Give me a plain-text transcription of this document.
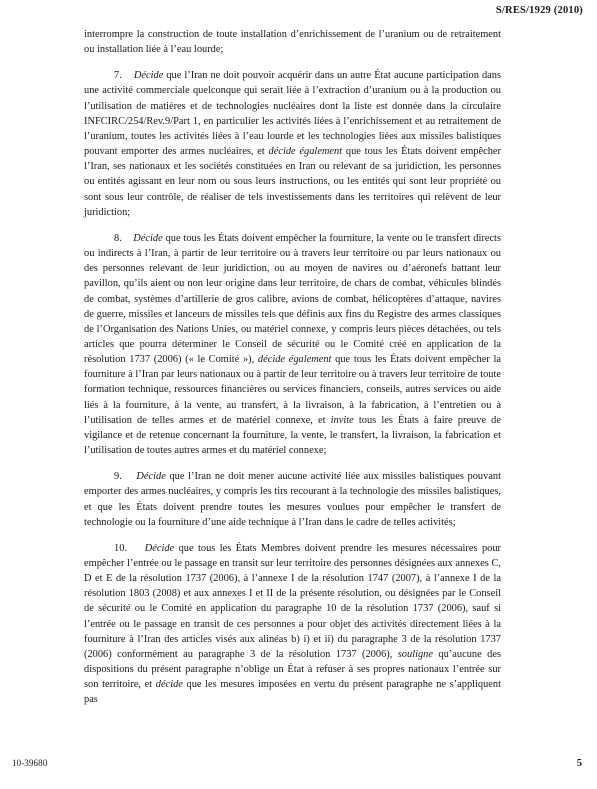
S/RES/1929 (2010)

interrompre la construction de toute installation d’enrichissement de l’uranium ou de retraitement ou installation liée à l’eau lourde;

7.    Décide que l’Iran ne doit pouvoir acquérir dans un autre État aucune participation dans une activité commerciale quelconque qui serait liée à l’extraction d’uranium ou à la production ou l’utilisation de matières et de technologies nucléaires dont la liste est donnée dans la circulaire INFCIRC/254/Rev.9/Part 1, en particulier les activités liées à l’enrichissement et au retraitement de l’uranium, toutes les activités liées à l’eau lourde et les technologies liées aux missiles balistiques pouvant emporter des armes nucléaires, et décide également que tous les États doivent empêcher l’Iran, ses nationaux et les sociétés constituées en Iran ou relevant de sa juridiction, les personnes ou entités agissant en leur nom ou sous leurs instructions, ou les entités qui sont leur propriété ou sont sous leur contrôle, de réaliser de tels investissements dans les territoires qui relèvent de leur juridiction;

8.    Décide que tous les États doivent empêcher la fourniture, la vente ou le transfert directs ou indirects à l’Iran, à partir de leur territoire ou à travers leur territoire ou par leurs nationaux ou des personnes relevant de leur juridiction, ou au moyen de navires ou d’aéronefs battant leur pavillon, qu’ils aient ou non leur origine dans leur territoire, de chars de combat, véhicules blindés de combat, systèmes d’artillerie de gros calibre, avions de combat, hélicoptères d’attaque, navires de guerre, missiles et lanceurs de missiles tels que définis aux fins du Registre des armes classiques de l’Organisation des Nations Unies, ou matériel connexe, y compris leurs pièces détachées, ou tels articles que pourra déterminer le Conseil de sécurité ou le Comité créé en application de la résolution 1737 (2006) (« le Comité »), décide également que tous les États doivent empêcher la fourniture à l’Iran par leurs nationaux ou à partir de leur territoire ou à travers leur territoire de toute formation technique, ressources financières ou services financiers, conseils, autres services ou aide liés à la fourniture, à la vente, au transfert, à la livraison, à la fabrication, à l’entretien ou à l’utilisation de telles armes et de matériel connexe, et invite tous les États à faire preuve de vigilance et de retenue concernant la fourniture, la vente, le transfert, la livraison, la fabrication et l’utilisation de toutes autres armes et du matériel connexe;

9.    Décide que l’Iran ne doit mener aucune activité liée aux missiles balistiques pouvant emporter des armes nucléaires, y compris les tirs recourant à la technologie des missiles balistiques, et que les États doivent prendre toutes les mesures voulues pour empêcher le transfert de technologie ou la fourniture d’une aide technique à l’Iran dans le cadre de telles activités;

10.    Décide que tous les États Membres doivent prendre les mesures nécessaires pour empêcher l’entrée ou le passage en transit sur leur territoire des personnes désignées aux annexes C, D et E de la résolution 1737 (2006), à l’annexe I de la résolution 1747 (2007), à l’annexe I de la résolution 1803 (2008) et aux annexes I et II de la présente résolution, ou désignées par le Conseil de sécurité ou le Comité en application du paragraphe 10 de la résolution 1737 (2006), sauf si l’entrée ou le passage en transit de ces personnes a pour objet des activités directement liées à la fourniture à l’Iran des articles visés aux alinéas b) i) et ii) du paragraphe 3 de la résolution 1737 (2006) conformément au paragraphe 3 de la résolution 1737 (2006), souligne qu’aucune des dispositions du présent paragraphe n’oblige un État à refuser à ses propres nationaux l’entrée sur son territoire, et décide que les mesures imposées en vertu du présent paragraphe ne s’appliquent pas

10-39680	5
